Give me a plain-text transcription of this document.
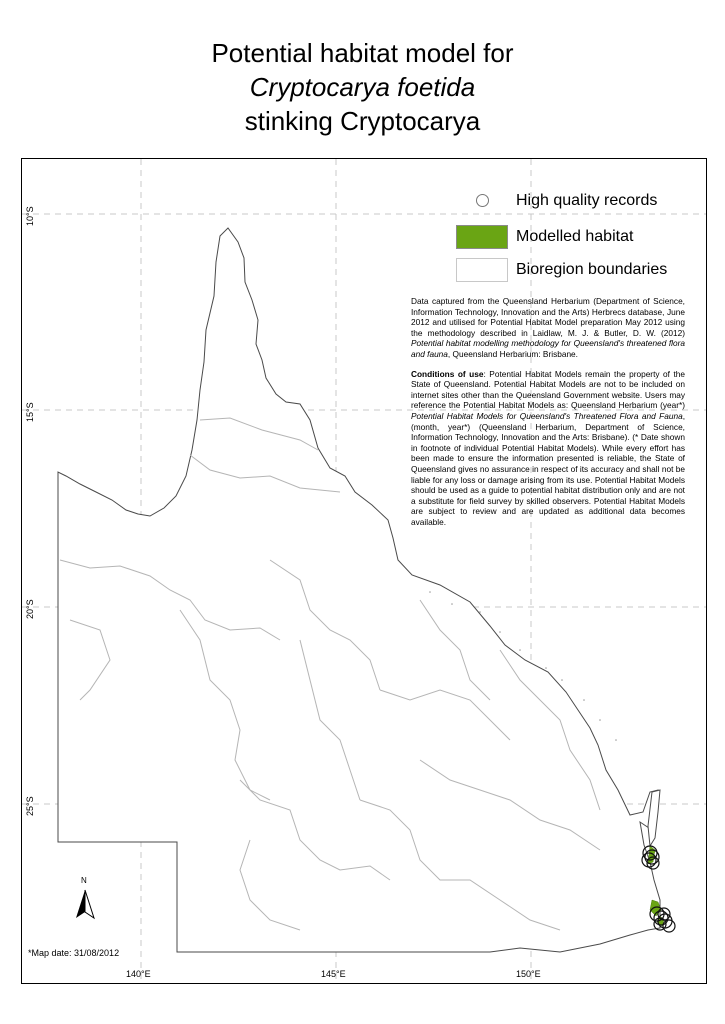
Potential habitat model for
Cryptocarya foetida
stinking Cryptocarya
10°S
15°S
20°S
25°S
140°E	145°E	150°E
High quality records
Modelled habitat
Bioregion boundaries

Data captured from the Queensland Herbarium (Department of Science, Information Technology, Innovation and the Arts) Herbrecs database, June 2012 and utilised for Potential Habitat Model preparation May 2012 using the methodology described in Laidlaw, M. J. & Butler, D. W. (2012) Potential habitat modelling methodology for Queensland's threatened flora and fauna, Queensland Herbarium: Brisbane.

Conditions of use: Potential Habitat Models remain the property of the State of Queensland. Potential Habitat Models are not to be included on internet sites other than the Queensland Government website. Users may reference the Potential Habitat Models as: Queensland Herbarium (year*) Potential Habitat Models for Queensland's Threatened Flora and Fauna, (month, year*) (Queensland Herbarium, Department of Science, Information Technology, Innovation and the Arts: Brisbane). (* Date shown in footnote of individual Potential Habitat Models). While every effort has been made to ensure the information presented is reliable, the State of Queensland gives no assurance in respect of its accuracy and shall not be liable for any loss or damage arising from its use. Potential Habitat Models should be used as a guide to potential habitat distribution only and are not a substitute for field survey by skilled observers. Potential Habitat Models are subject to review and are updated as additional data becomes available.

N
*Map date: 31/08/2012
